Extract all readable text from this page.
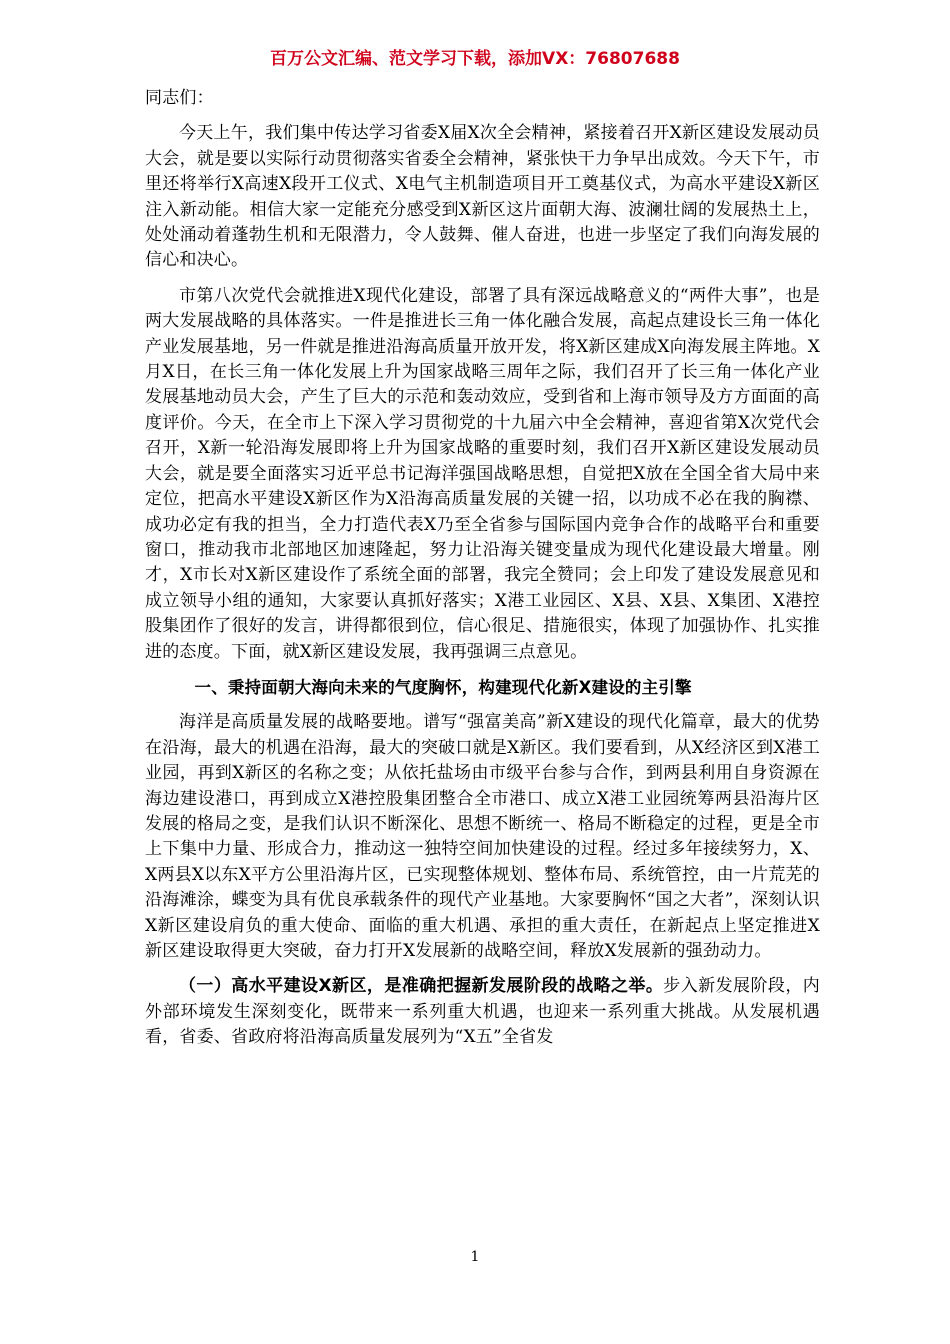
百万公文汇编、范文学习下载，添加VX：76807688

同志们：

今天上午，我们集中传达学习省委X届X次全会精神，紧接着召开X新区建设发展动员大会，就是要以实际行动贯彻落实省委全会精神，紧张快干力争早出成效。今天下午，市里还将举行X高速X段开工仪式、X电气主机制造项目开工奠基仪式，为高水平建设X新区注入新动能。相信大家一定能充分感受到X新区这片面朝大海、波澜壮阔的发展热土上，处处涌动着蓬勃生机和无限潜力，令人鼓舞、催人奋进，也进一步坚定了我们向海发展的信心和决心。

市第八次党代会就推进X现代化建设，部署了具有深远战略意义的“两件大事”，也是两大发展战略的具体落实。一件是推进长三角一体化融合发展，高起点建设长三角一体化产业发展基地，另一件就是推进沿海高质量开放开发，将X新区建成X向海发展主阵地。X月X日，在长三角一体化发展上升为国家战略三周年之际，我们召开了长三角一体化产业发展基地动员大会，产生了巨大的示范和轰动效应，受到省和上海市领导及方方面面的高度评价。今天，在全市上下深入学习贯彻党的十九届六中全会精神，喜迎省第X次党代会召开，X新一轮沿海发展即将上升为国家战略的重要时刻，我们召开X新区建设发展动员大会，就是要全面落实习近平总书记海洋强国战略思想，自觉把X放在全国全省大局中来定位，把高水平建设X新区作为X沿海高质量发展的关键一招，以功成不必在我的胸襟、成功必定有我的担当，全力打造代表X乃至全省参与国际国内竞争合作的战略平台和重要窗口，推动我市北部地区加速隆起，努力让沿海关键变量成为现代化建设最大增量。刚才，X市长对X新区建设作了系统全面的部署，我完全赞同；会上印发了建设发展意见和成立领导小组的通知，大家要认真抓好落实；X港工业园区、X县、X县、X集团、X港控股集团作了很好的发言，讲得都很到位，信心很足、措施很实，体现了加强协作、扎实推进的态度。下面，就X新区建设发展，我再强调三点意见。

一、秉持面朝大海向未来的气度胸怀，构建现代化新X建设的主引擎

海洋是高质量发展的战略要地。谱写“强富美高”新X建设的现代化篇章，最大的优势在沿海，最大的机遇在沿海，最大的突破口就是X新区。我们要看到，从X经济区到X港工业园，再到X新区的名称之变；从依托盐场由市级平台参与合作，到两县利用自身资源在海边建设港口，再到成立X港控股集团整合全市港口、成立X港工业园统筹两县沿海片区发展的格局之变，是我们认识不断深化、思想不断统一、格局不断稳定的过程，更是全市上下集中力量、形成合力，推动这一独特空间加快建设的过程。经过多年接续努力，X、X两县X以东X平方公里沿海片区，已实现整体规划、整体布局、系统管控，由一片荒芜的沿海滩涂，蝶变为具有优良承载条件的现代产业基地。大家要胸怀“国之大者”，深刻认识X新区建设肩负的重大使命、面临的重大机遇、承担的重大责任，在新起点上坚定推进X新区建设取得更大突破，奋力打开X发展新的战略空间，释放X发展新的强劲动力。

（一）高水平建设X新区，是准确把握新发展阶段的战略之举。步入新发展阶段，内外部环境发生深刻变化，既带来一系列重大机遇，也迎来一系列重大挑战。从发展机遇看，省委、省政府将沿海高质量发展列为“X五”全省发

1
